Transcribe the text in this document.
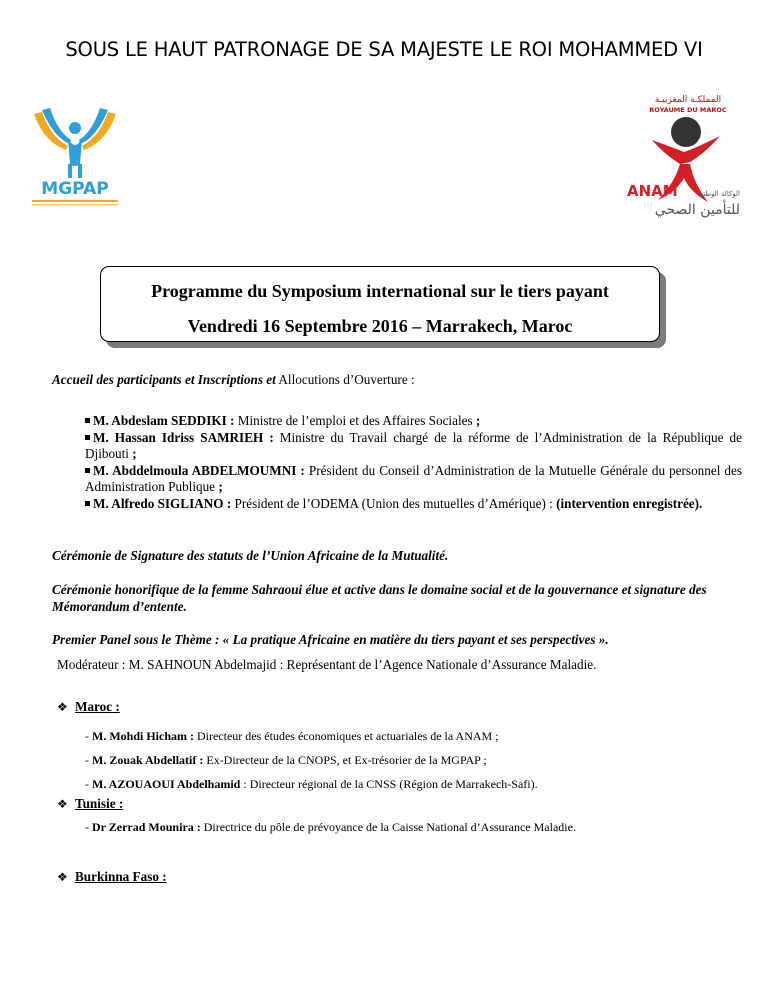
SOUS LE HAUT PATRONAGE DE SA MAJESTE LE ROI MOHAMMED VI
MGPAP
المملكـة المغربيـة
ROYAUME DU MAROC
ANAM	الوكالة الوطنية
للتأمين الصحي
Programme du Symposium international sur le tiers payant
Vendredi 16 Septembre 2016 – Marrakech, Maroc
Accueil des participants et Inscriptions et Allocutions d’Ouverture :
M. Abdeslam SEDDIKI : Ministre de l’emploi et des Affaires Sociales ;
M. Hassan Idriss SAMRIEH : Ministre du Travail chargé de la réforme de l’Administration de la République de Djibouti ;
M. Abddelmoula ABDELMOUMNI : Président du Conseil d’Administration de la Mutuelle Générale du personnel des Administration Publique ;
M. Alfredo SIGLIANO : Président de l’ODEMA (Union des mutuelles d’Amérique) : (intervention enregistrée).
Cérémonie de Signature des statuts de l’Union Africaine de la Mutualité.
Cérémonie honorifique de la femme Sahraoui élue et active dans le domaine social et de la gouvernance et signature des Mémorandum d’entente.
Premier Panel sous le Thème : « La pratique Africaine en matière du tiers payant et ses perspectives ».
Modérateur : M. SAHNOUN Abdelmajid : Représentant de l’Agence Nationale d’Assurance Maladie.
❖ Maroc :
- M. Mohdi Hicham : Directeur des études économiques et actuariales de la ANAM ;
- M. Zouak Abdellatif : Ex-Directeur de la CNOPS, et Ex-trésorier de la MGPAP ;
- M. AZOUAOUI Abdelhamid : Directeur régional de la CNSS (Région de Marrakech-Safi).
❖ Tunisie :
- Dr Zerrad Mounira : Directrice du pôle de prévoyance de la Caisse National d’Assurance Maladie.
❖ Burkinna Faso :
